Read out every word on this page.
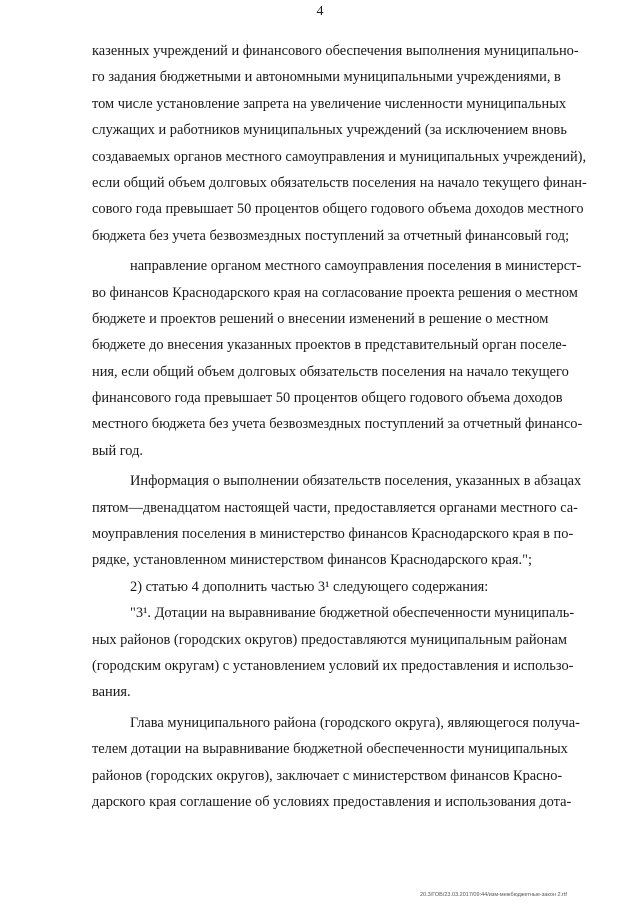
4
казенных учреждений и финансового обеспечения выполнения муниципально-
го задания бюджетными и автономными муниципальными учреждениями, в
том числе установление запрета на увеличение численности муниципальных
служащих и работников муниципальных учреждений (за исключением вновь
создаваемых органов местного самоуправления и муниципальных учреждений),
если общий объем долговых обязательств поселения на начало текущего финан-
сового года превышает 50 процентов общего годового объема доходов местного
бюджета без учета безвозмездных поступлений за отчетный финансовый год;
направление органом местного самоуправления поселения в министерст-
во финансов Краснодарского края на согласование проекта решения о местном
бюджете и проектов решений о внесении изменений в решение о местном
бюджете до внесения указанных проектов в представительный орган поселе-
ния, если общий объем долговых обязательств поселения на начало текущего
финансового года превышает 50 процентов общего годового объема доходов
местного бюджета без учета безвозмездных поступлений за отчетный финансо-
вый год.
Информация о выполнении обязательств поселения, указанных в абзацах
пятом—двенадцатом настоящей части, предоставляется органами местного са-
моуправления поселения в министерство финансов Краснодарского края в по-
рядке, установленном министерством финансов Краснодарского края.";
2) статью 4 дополнить частью 3¹ следующего содержания:
"3¹. Дотации на выравнивание бюджетной обеспеченности муниципаль-
ных районов (городских округов) предоставляются муниципальным районам
(городским округам) с установлением условий их предоставления и использо-
вания.
Глава муниципального района (городского округа), являющегося получа-
телем дотации на выравнивание бюджетной обеспеченности муниципальных
районов (городских округов), заключает с министерством финансов Красно-
дарского края соглашение об условиях предоставления и использования дота-
20.3/ГОВ/23.03.2017/09:44/изм-межбюджетные-закон 2.rtf
